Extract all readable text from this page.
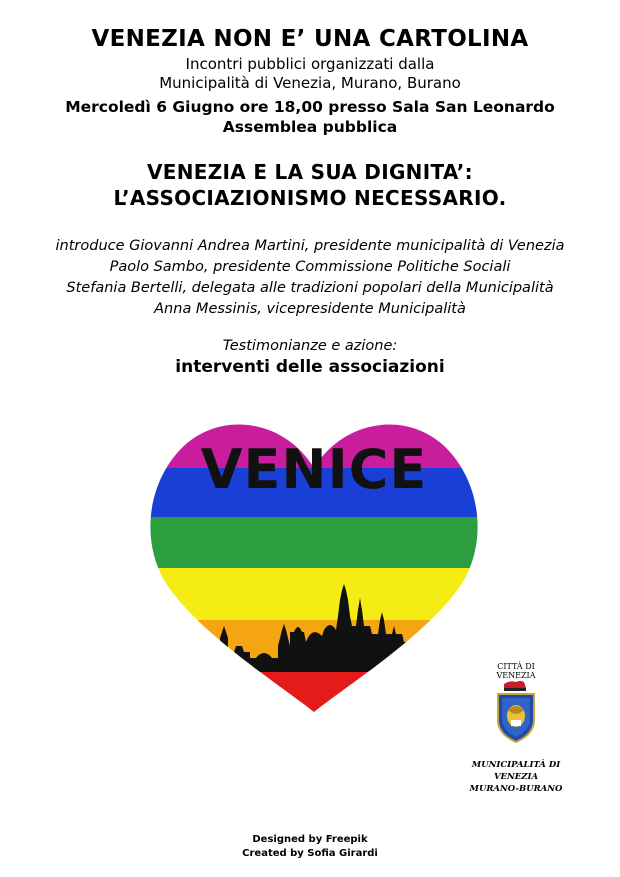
VENEZIA NON E’ UNA CARTOLINA
Incontri pubblici organizzati dalla
Municipalità di Venezia, Murano, Burano
Mercoledì 6 Giugno ore 18,00 presso Sala San Leonardo
Assemblea pubblica
VENEZIA E LA SUA DIGNITA’:
L’ASSOCIAZIONISMO NECESSARIO.
introduce Giovanni Andrea Martini, presidente municipalità di Venezia
Paolo Sambo, presidente Commissione Politiche Sociali
Stefania Bertelli, delegata alle tradizioni popolari della Municipalità
Anna Messinis, vicepresidente Municipalità
Testimonianze e azione:
interventi delle associazioni
VENICE
CITTÀ DI
VENEZIA
MUNICIPALITÀ DI
VENEZIA
MURANO-BURANO
Designed by Freepik
Created by Sofia Girardi
